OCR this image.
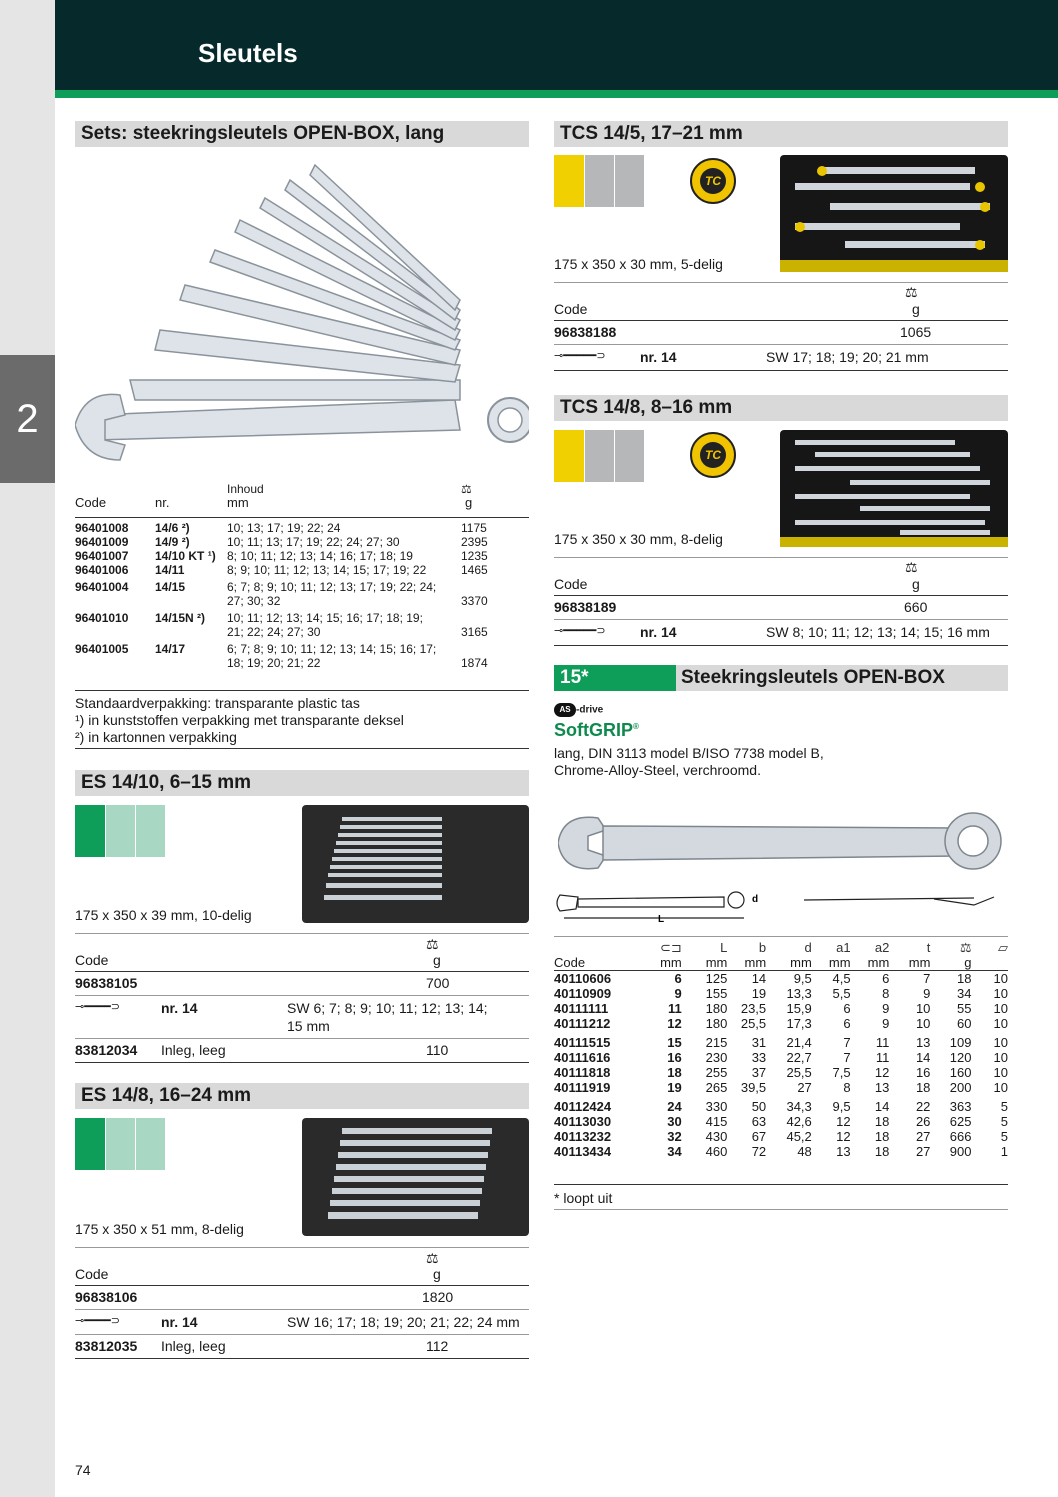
2
Sleutels
Sets: steekringsleutels OPEN-BOX, lang
		Inhoud	⚖
Code	nr.	mm	g
96401008	14/6 ²)	10; 13; 17; 19; 22; 24	1175
96401009	14/9 ²)	10; 11; 13; 17; 19; 22; 24; 27; 30	2395
96401007	14/10 KT ¹)	8; 10; 11; 12; 13; 14; 16; 17; 18; 19	1235
96401006	14/11	8; 9; 10; 11; 12; 13; 14; 15; 17; 19; 22	1465
96401004	14/15	6; 7; 8; 9; 10; 11; 12; 13; 17; 19; 22; 24;
27; 30; 32	3370
96401010	14/15N ²)	10; 11; 12; 13; 14; 15; 16; 17; 18; 19;
21; 22; 24; 27; 30	3165
96401005	14/17	6; 7; 8; 9; 10; 11; 12; 13; 14; 15; 16; 17;
18; 19; 20; 21; 22	1874
Standaardverpakking: transparante plastic tas
¹) in kunststoffen verpakking met transparante deksel
²) in kartonnen verpakking
ES 14/10, 6–15 mm
175 x 350 x 39 mm, 10-delig
⚖
Code	g
96838105	700
⊸━━━━⊃	nr. 14	SW 6; 7; 8; 9; 10; 11; 12; 13; 14;
15 mm
83812034 Inleg, leeg	110
ES 14/8, 16–24 mm
175 x 350 x 51 mm, 8-delig
⚖
Code	g
96838106	1820
⊸━━━━⊃	nr. 14	SW 16; 17; 18; 19; 20; 21; 22; 24 mm
83812035 Inleg, leeg	112
TCS 14/5, 17–21 mm
TC
175 x 350 x 30 mm, 5-delig
⚖
Code	g
96838188	1065
⊸━━━━━⊃ nr. 14	SW 17; 18; 19; 20; 21 mm
TCS 14/8, 8–16 mm
TC
175 x 350 x 30 mm, 8-delig
⚖
Code	g
96838189	660
⊸━━━━━⊃ nr. 14	SW 8; 10; 11; 12; 13; 14; 15; 16 mm
15*	Steekringsleutels OPEN-BOX
AS -drive
SoftGRIP®
lang, DIN 3113 model B/ISO 7738 model B,
Chrome-Alloy-Steel, verchroomd.
L
d
	⊂⊐	L	b	d	a1	a2	t	⚖	▱
Code	mm	mm	mm	mm	mm	mm	mm	g	
40110606	6	125	14	9,5	4,5	6	7	18	10
40110909	9	155	19	13,3	5,5	8	9	34	10
40111111	11	180	23,5	15,9	6	9	10	55	10
40111212	12	180	25,5	17,3	6	9	10	60	10
40111515	15	215	31	21,4	7	11	13	109	10
40111616	16	230	33	22,7	7	11	14	120	10
40111818	18	255	37	25,5	7,5	12	16	160	10
40111919	19	265	39,5	27	8	13	18	200	10
40112424	24	330	50	34,3	9,5	14	22	363	5
40113030	30	415	63	42,6	12	18	26	625	5
40113232	32	430	67	45,2	12	18	27	666	5
40113434	34	460	72	48	13	18	27	900	1
* loopt uit
74
